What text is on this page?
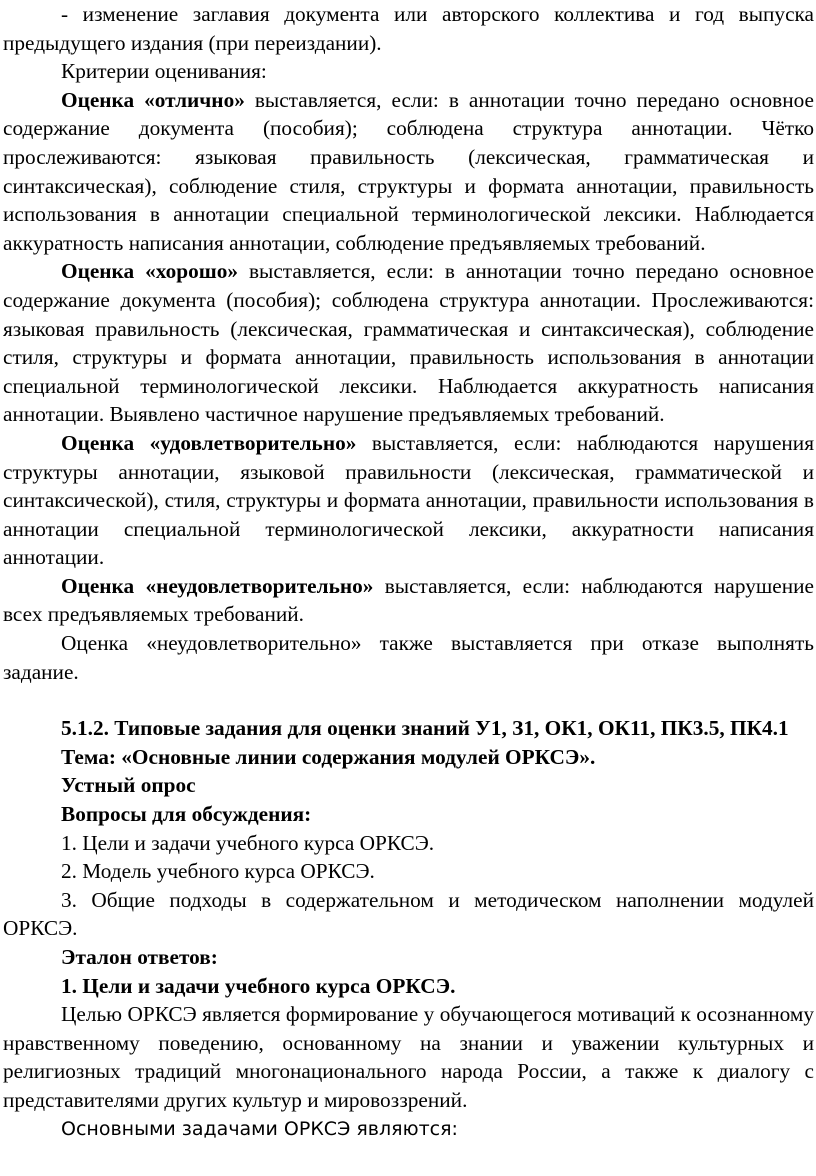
- изменение заглавия документа или авторского коллектива и год выпуска предыдущего издания (при переиздании).

Критерии оценивания:

Оценка «отлично» выставляется, если: в аннотации точно передано основное содержание документа (пособия); соблюдена структура аннотации. Чётко прослеживаются: языковая правильность (лексическая, грамматическая и синтаксическая), соблюдение стиля, структуры и формата аннотации, правильность использования в аннотации специальной терминологической лексики. Наблюдается аккуратность написания аннотации, соблюдение предъявляемых требований.

Оценка «хорошо» выставляется, если: в аннотации точно передано основное содержание документа (пособия); соблюдена структура аннотации. Прослеживаются: языковая правильность (лексическая, грамматическая и синтаксическая), соблюдение стиля, структуры и формата аннотации, правильность использования в аннотации специальной терминологической лексики. Наблюдается аккуратность написания аннотации. Выявлено частичное нарушение предъявляемых требований.

Оценка «удовлетворительно» выставляется, если: наблюдаются нарушения структуры аннотации, языковой правильности (лексическая, грамматической и синтаксической), стиля, структуры и формата аннотации, правильности использования в аннотации специальной терминологической лексики, аккуратности написания аннотации.

Оценка «неудовлетворительно» выставляется, если: наблюдаются нарушение всех предъявляемых требований.

Оценка «неудовлетворительно» также выставляется при отказе выполнять задание.

5.1.2. Типовые задания для оценки знаний У1, З1, ОК1, ОК11, ПК3.5, ПК4.1

Тема: «Основные линии содержания модулей ОРКСЭ».

Устный опрос

Вопросы для обсуждения:

1. Цели и задачи учебного курса ОРКСЭ.

2. Модель учебного курса ОРКСЭ.

3. Общие подходы в содержательном и методическом наполнении модулей ОРКСЭ.

Эталон ответов:

1. Цели и задачи учебного курса ОРКСЭ.

Целью ОРКСЭ является формирование у обучающегося мотиваций к осознанному нравственному поведению, основанному на знании и уважении культурных и религиозных традиций многонационального народа России, а также к диалогу с представителями других культур и мировоззрений.

Основными задачами ОРКСЭ являются:
